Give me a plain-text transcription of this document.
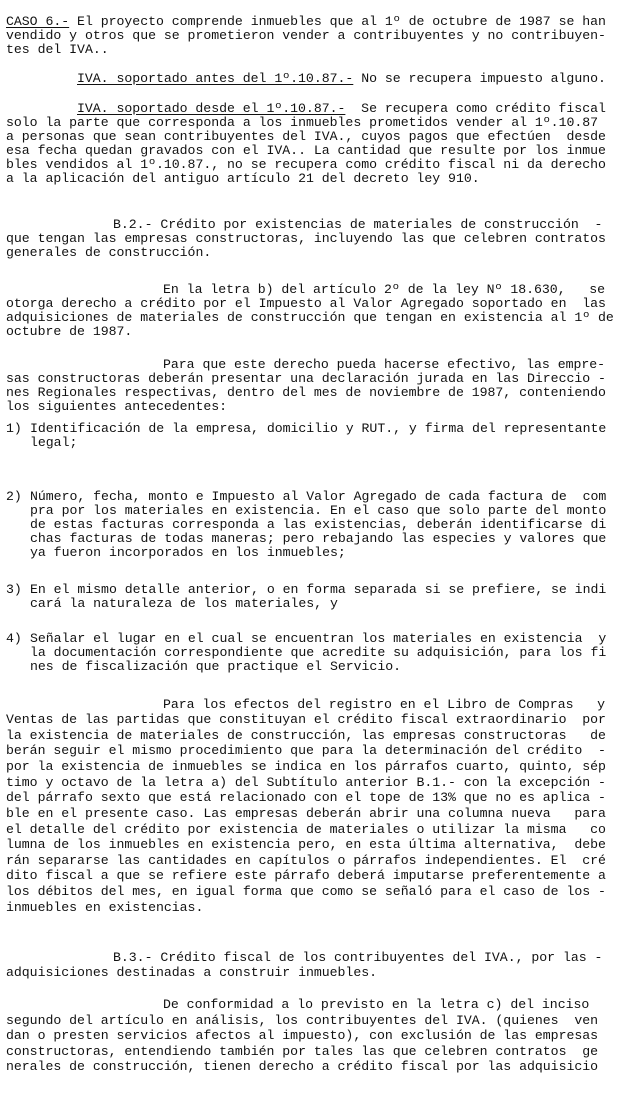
CASO 6.- El proyecto comprende inmuebles que al 1º de octubre de 1987 se han
vendido y otros que se prometieron vender a contribuyentes y no contribuyen-
tes del IVA..
IVA. soportado antes del 1º.10.87.- No se recupera impuesto alguno.
IVA. soportado desde el 1º.10.87.-  Se recupera como crédito fiscal
solo la parte que corresponda a los inmuebles prometidos vender al 1º.10.87
a personas que sean contribuyentes del IVA., cuyos pagos que efectúen  desde
esa fecha quedan gravados con el IVA.. La cantidad que resulte por los inmue
bles vendidos al 1º.10.87., no se recupera como crédito fiscal ni da derecho
a la aplicación del antiguo artículo 21 del decreto ley 910.
B.2.- Crédito por existencias de materiales de construcción  -
que tengan las empresas constructoras, incluyendo las que celebren contratos
generales de construcción.
En la letra b) del artículo 2º de la ley Nº 18.630,   se
otorga derecho a crédito por el Impuesto al Valor Agregado soportado en  las
adquisiciones de materiales de construcción que tengan en existencia al 1º de
octubre de 1987.
Para que este derecho pueda hacerse efectivo, las empre-
sas constructoras deberán presentar una declaración jurada en las Direccio -
nes Regionales respectivas, dentro del mes de noviembre de 1987, conteniendo
los siguientes antecedentes:
1) Identificación de la empresa, domicilio y RUT., y firma del representante
legal;
2) Número, fecha, monto e Impuesto al Valor Agregado de cada factura de  com
pra por los materiales en existencia. En el caso que solo parte del monto
de estas facturas corresponda a las existencias, deberán identificarse di
chas facturas de todas maneras; pero rebajando las especies y valores que
ya fueron incorporados en los inmuebles;
3) En el mismo detalle anterior, o en forma separada si se prefiere, se indi
cará la naturaleza de los materiales, y
4) Señalar el lugar en el cual se encuentran los materiales en existencia  y
la documentación correspondiente que acredite su adquisición, para los fi
nes de fiscalización que practique el Servicio.
Para los efectos del registro en el Libro de Compras   y
Ventas de las partidas que constituyan el crédito fiscal extraordinario  por
la existencia de materiales de construcción, las empresas constructoras   de
berán seguir el mismo procedimiento que para la determinación del crédito  -
por la existencia de inmuebles se indica en los párrafos cuarto, quinto, sép
timo y octavo de la letra a) del Subtítulo anterior B.1.- con la excepción -
del párrafo sexto que está relacionado con el tope de 13% que no es aplica -
ble en el presente caso. Las empresas deberán abrir una columna nueva   para
el detalle del crédito por existencia de materiales o utilizar la misma   co
lumna de los inmuebles en existencia pero, en esta última alternativa,  debe
rán separarse las cantidades en capítulos o párrafos independientes. El  cré
dito fiscal a que se refiere este párrafo deberá imputarse preferentemente a
los débitos del mes, en igual forma que como se señaló para el caso de los -
inmuebles en existencias.
B.3.- Crédito fiscal de los contribuyentes del IVA., por las -
adquisiciones destinadas a construir inmuebles.
De conformidad a lo previsto en la letra c) del inciso
segundo del artículo en análisis, los contribuyentes del IVA. (quienes  ven
dan o presten servicios afectos al impuesto), con exclusión de las empresas
constructoras, entendiendo también por tales las que celebren contratos  ge
nerales de construcción, tienen derecho a crédito fiscal por las adquisicio
